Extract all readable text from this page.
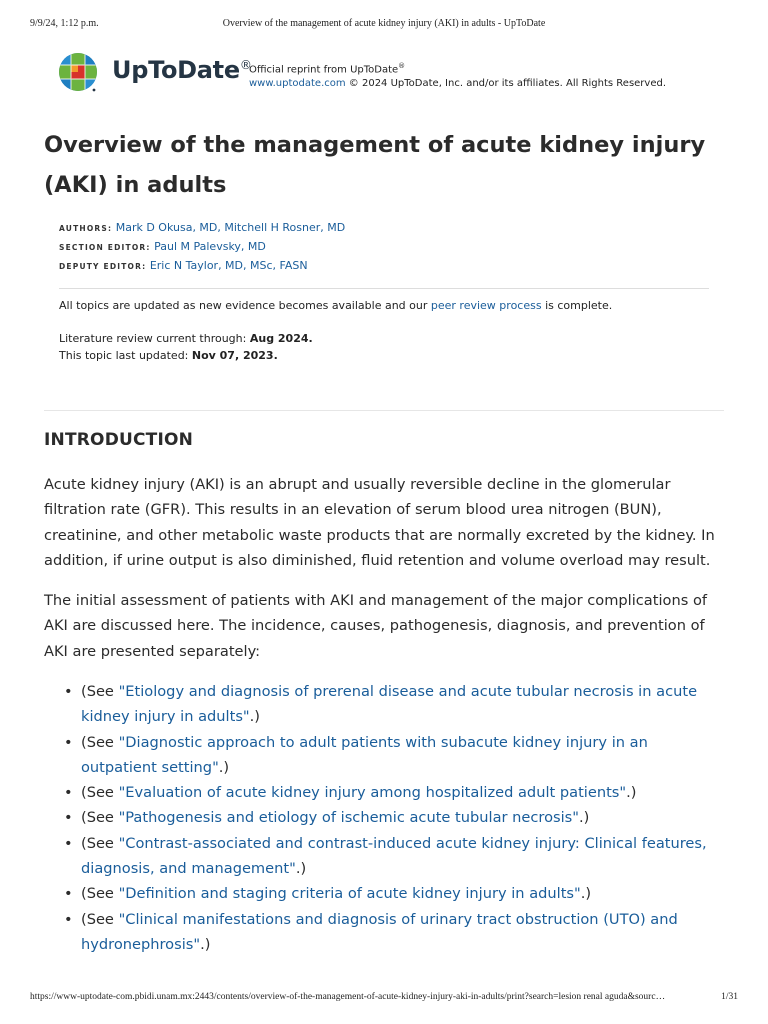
9/9/24, 1:12 p.m.	Overview of the management of acute kidney injury (AKI) in adults - UpToDate
UpToDate®
Official reprint from UpToDate®
www.uptodate.com © 2024 UpToDate, Inc. and/or its affiliates. All Rights Reserved.
Overview of the management of acute kidney injury (AKI) in adults
AUTHORS: Mark D Okusa, MD, Mitchell H Rosner, MD
SECTION EDITOR: Paul M Palevsky, MD
DEPUTY EDITOR: Eric N Taylor, MD, MSc, FASN
All topics are updated as new evidence becomes available and our peer review process is complete.
Literature review current through: Aug 2024.
This topic last updated: Nov 07, 2023.
INTRODUCTION

Acute kidney injury (AKI) is an abrupt and usually reversible decline in the glomerular filtration rate (GFR). This results in an elevation of serum blood urea nitrogen (BUN), creatinine, and other metabolic waste products that are normally excreted by the kidney. In addition, if urine output is also diminished, fluid retention and volume overload may result.

The initial assessment of patients with AKI and management of the major complications of AKI are discussed here. The incidence, causes, pathogenesis, diagnosis, and prevention of AKI are presented separately:

• (See "Etiology and diagnosis of prerenal disease and acute tubular necrosis in acute kidney injury in adults".)
• (See "Diagnostic approach to adult patients with subacute kidney injury in an outpatient setting".)
• (See "Evaluation of acute kidney injury among hospitalized adult patients".)
• (See "Pathogenesis and etiology of ischemic acute tubular necrosis".)
• (See "Contrast-associated and contrast-induced acute kidney injury: Clinical features, diagnosis, and management".)
• (See "Definition and staging criteria of acute kidney injury in adults".)
• (See "Clinical manifestations and diagnosis of urinary tract obstruction (UTO) and hydronephrosis".)
https://www-uptodate-com.pbidi.unam.mx:2443/contents/overview-of-the-management-of-acute-kidney-injury-aki-in-adults/print?search=lesion renal aguda&sourc…	1/31
